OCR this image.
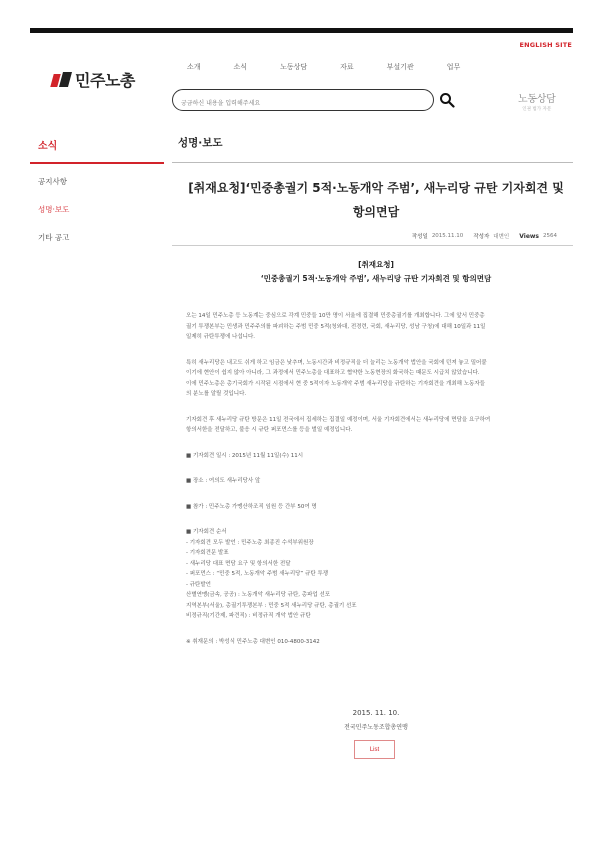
ENGLISH SITE
민주노총
소개	소식	노동상담	자료	부설기관	업무
궁금하신 내용을 입력해주세요
노동상담
인권 법가 자문
소식
공지사항
성명·보도
기타 공고
성명·보도
[취재요청]‘민중총궐기 5적·노동개악 주범’, 새누리당 규탄 기자회견 및
항의면담
작성일 2015.11.10 작성자 대변인 Views 2564
[취재요청]
‘민중총궐기 5적·노동개악 주범’, 새누리당 규탄 기자회견 및 항의면담

오는 14일 민주노총 등 노동계는 중심으로 각계 민중들 10만 명이 서울에 집결해 민중총궐기를 개최합니다. 그에 앞서 민중총

궐기 투쟁본부는 민생과 민주주의를 파괴하는 주범 민중 5적(청와대, 전경련, 국회, 새누리당, 성남 구청)에 대해 10일과 11일

일제히 규탄투쟁에 나섭니다.

특히 새누리당은 내고도 쉬게 하고 임금은 낮추며, 노동시간과 비정규직을 더 늘리는 노동개악 법안을 국회에 던져 놓고 밀어붙

이기에 현안이 쉽지 않아 아니라, 그 과정에서 민주노총을 대표하고 협약한 노동현장의 화국하는 때문도 시급치 않았습니다.

이에 민주노총은 총기국회가 시작된 시점에서 현 중 5적이자 노동개악 주범 새누리당을 규탄하는 기자회견을 개최해 노동자들

의 분노를 알릴 것입니다.

기자회견 후 새누리당 규탄 방문은 11일 전국에서 집세하는 집결일 예정이며, 서울 기자회견에서는 새누리당에 면담을 요구하여

항의서한을 전달하고, 불응 시 규탄 퍼포먼스를 등을 벌일 예정입니다.

■ 기자회견 일시 : 2015년 11월 11일(수) 11시

■ 장소 : 여의도 새누리당사 앞

■ 참가 : 민주노총 가맹산하조직 임원 등 간부 50여 명

■ 기자회견 순서

- 기자회견 모두 발언 : 민주노총 최종진 수석부위원장

- 기자회견문 발표

- 새누리당 대표 면담 요구 및 항의서한 전달

- 퍼포먼스 : “민중 5적, 노동개악 주범 새누리당” 규탄 투쟁

- 규탄발언

산별연맹(금속, 공공) : 노동개악 새누리당 규탄, 총파업 선포

지역본부(서울), 총궐기투쟁본부 : 민중 5적 새누리당 규탄, 총궐기 선포

비정규직(기간제, 파견직) : 비정규직 개악 법안 규탄

※ 취재문의 : 박성식 민주노총 대변인 010-4800-3142

2015. 11. 10.
전국민주노동조합총연맹
List
